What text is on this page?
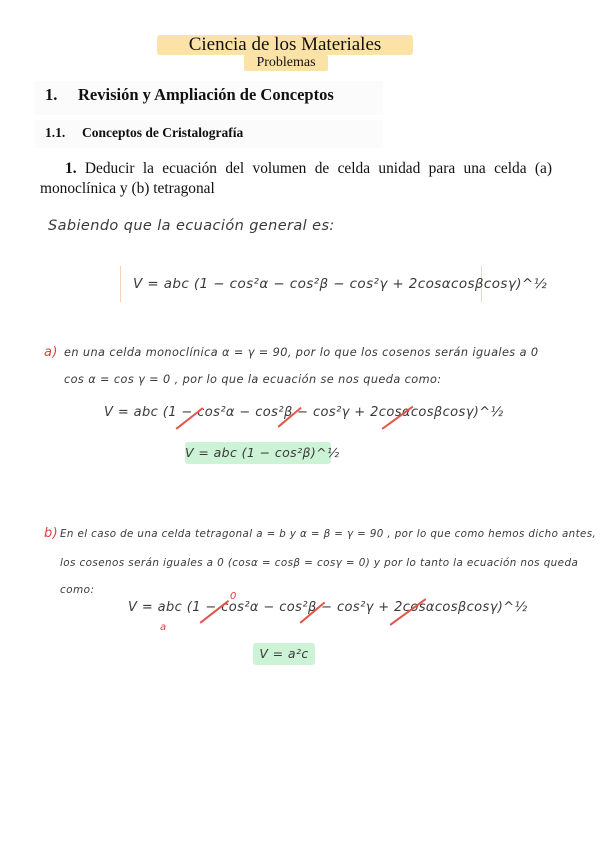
Ciencia de los Materiales
Problemas
1. Revisión y Ampliación de Conceptos
1.1. Conceptos de Cristalografía
1. Deducir la ecuación del volumen de celda unidad para una celda (a) monoclínica y (b) tetragonal
Sabiendo que la ecuación general es:
V = abc (1 − cos²α − cos²β − cos²γ + 2cosαcosβcosγ)^½
a) en una celda monoclínica α = γ = 90, por lo que los cosenos serán iguales a 0
cos α = cos γ = 0 , por lo que la ecuación se nos queda como:
V = abc (1 − cos²α − cos²β − cos²γ + 2cosαcosβcosγ)^½
V = abc (1 − cos²β)^½
b) En el caso de una celda tetragonal a = b y α = β = γ = 90 , por lo que como hemos dicho antes,
los cosenos serán iguales a 0 (cosα = cosβ = cosγ = 0) y por lo tanto la ecuación nos queda
como:
V = abc (1 − cos²α − cos²β − cos²γ + 2cosαcosβcosγ)^½
a
0
V = a²c
